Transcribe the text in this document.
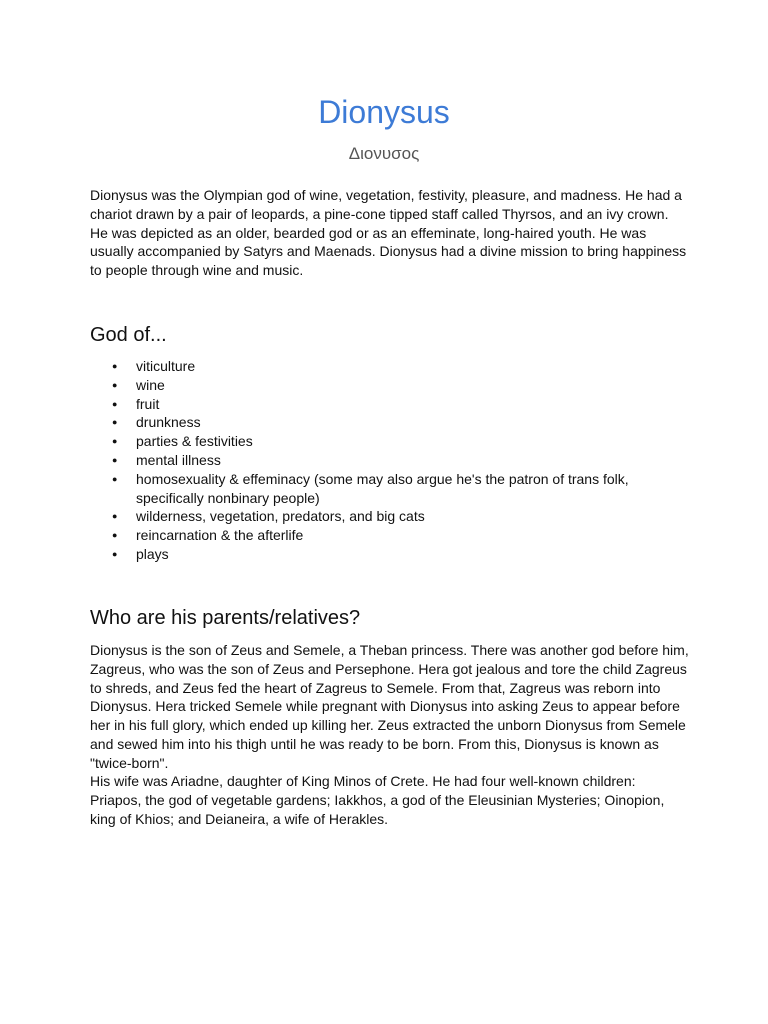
Dionysus

Διονυσος

Dionysus was the Olympian god of wine, vegetation, festivity, pleasure, and madness. He had a chariot drawn by a pair of leopards, a pine-cone tipped staff called Thyrsos, and an ivy crown. He was depicted as an older, bearded god or as an effeminate, long-haired youth. He was usually accompanied by Satyrs and Maenads. Dionysus had a divine mission to bring happiness to people through wine and music.

God of...
● viticulture
● wine
● fruit
● drunkness
● parties & festivities
● mental illness
● homosexuality & effeminacy (some may also argue he's the patron of trans folk, specifically nonbinary people)
● wilderness, vegetation, predators, and big cats
● reincarnation & the afterlife
● plays
Who are his parents/relatives?

Dionysus is the son of Zeus and Semele, a Theban princess. There was another god before him, Zagreus, who was the son of Zeus and Persephone. Hera got jealous and tore the child Zagreus to shreds, and Zeus fed the heart of Zagreus to Semele. From that, Zagreus was reborn into Dionysus. Hera tricked Semele while pregnant with Dionysus into asking Zeus to appear before her in his full glory, which ended up killing her. Zeus extracted the unborn Dionysus from Semele and sewed him into his thigh until he was ready to be born. From this, Dionysus is known as "twice-born".

His wife was Ariadne, daughter of King Minos of Crete. He had four well-known children: Priapos, the god of vegetable gardens; Iakkhos, a god of the Eleusinian Mysteries; Oinopion, king of Khios; and Deianeira, a wife of Herakles.
